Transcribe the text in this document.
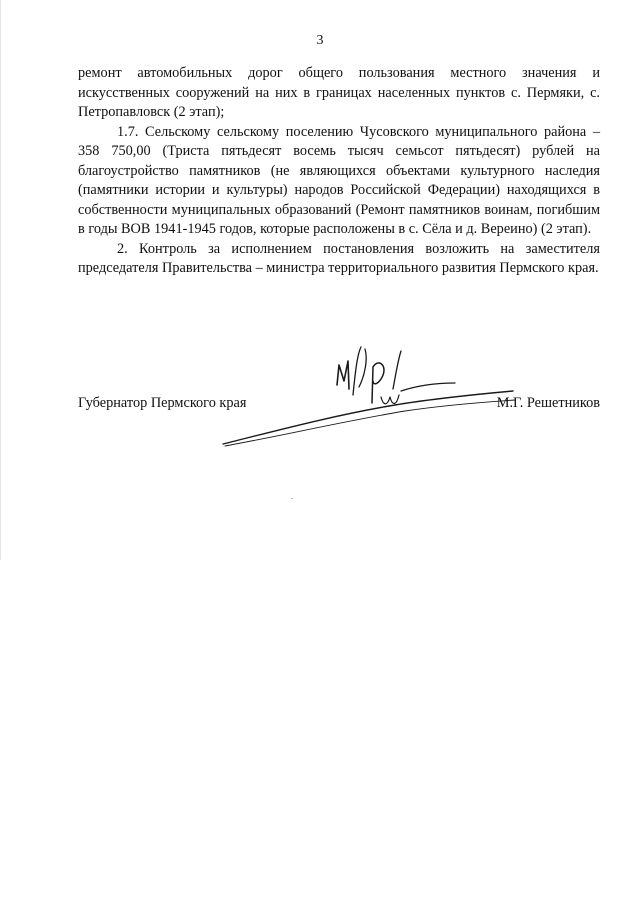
3

ремонт автомобильных дорог общего пользования местного значения и искусственных сооружений на них в границах населенных пунктов с. Пермяки, с. Петропавловск (2 этап);

1.7. Сельскому сельскому поселению Чусовского муниципального района – 358 750,00 (Триста пятьдесят восемь тысяч семьсот пятьдесят) рублей на благоустройство памятников (не являющихся объектами культурного наследия (памятники истории и культуры) народов Российской Федерации) находящихся в собственности муниципальных образований (Ремонт памятников воинам, погибшим в годы ВОВ 1941-1945 годов, которые расположены в с. Сёла и д. Вереино) (2 этап).

2. Контроль за исполнением постановления возложить на заместителя председателя Правительства – министра территориального развития Пермского края.

Губернатор Пермского края	М.Г. Решетников
